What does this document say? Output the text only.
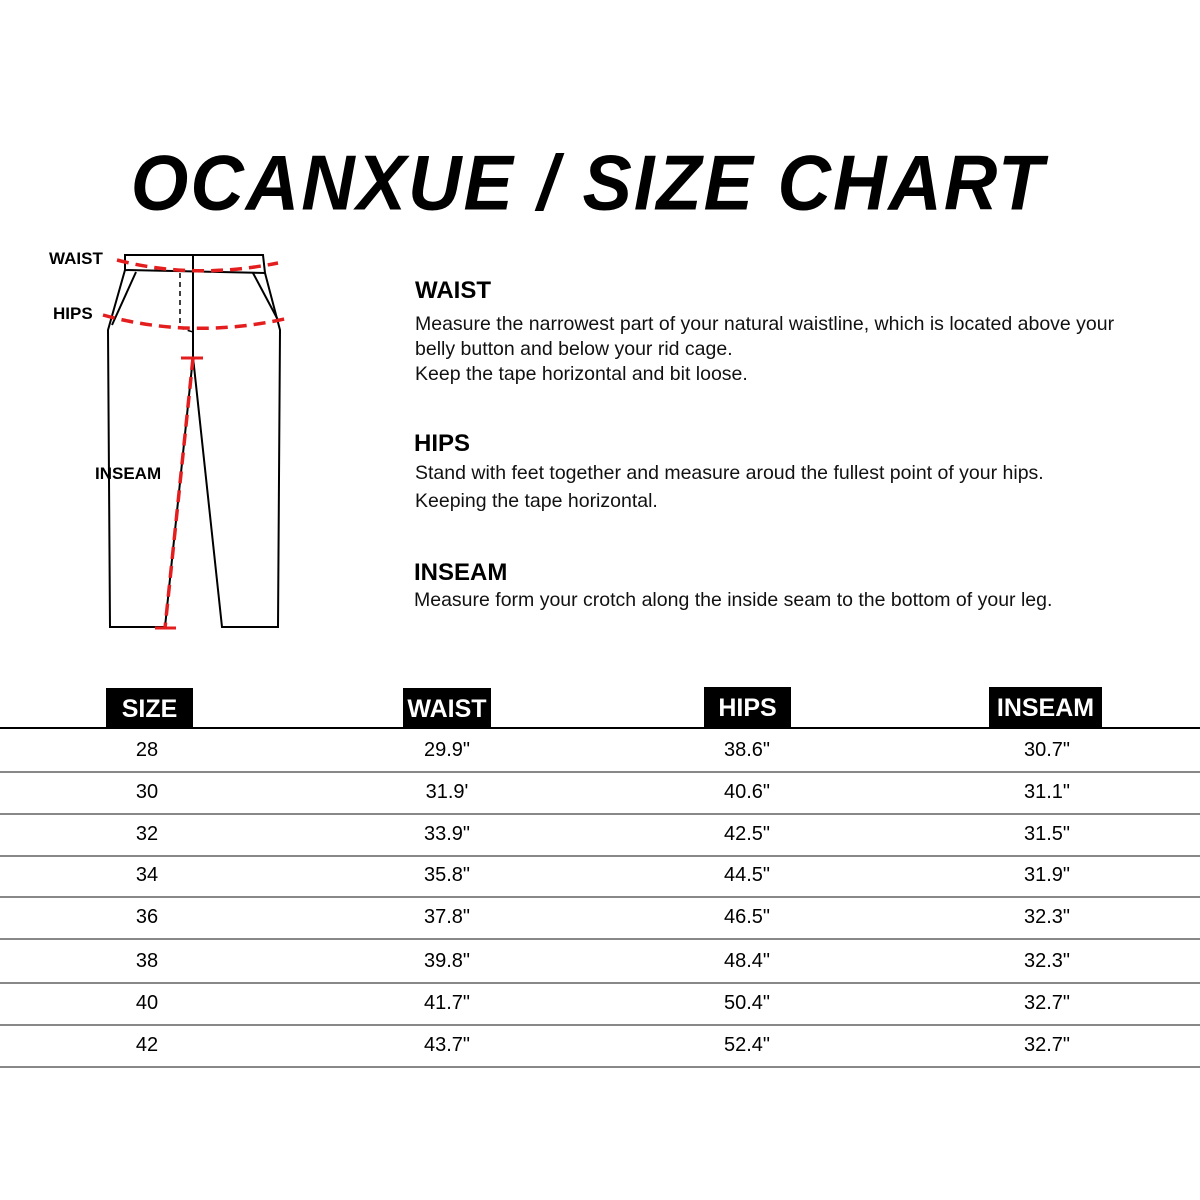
OCANXUE / SIZE CHART
WAIST
HIPS
INSEAM
WAIST

Measure the narrowest part of your natural waistline, which is located above your

belly button and below your rid cage.

Keep the tape horizontal and bit loose.

HIPS

Stand with feet together and measure aroud the fullest point of your hips.

Keeping the tape horizontal.

INSEAM

Measure form your crotch along the inside seam to the bottom of your leg.

SIZE	WAIST	HIPS	INSEAM
28	29.9"	38.6"	30.7"
30	31.9'	40.6"	31.1"
32	33.9"	42.5"	31.5"
34	35.8"	44.5"	31.9"
36	37.8"	46.5"	32.3"
38	39.8"	48.4"	32.3"
40	41.7"	50.4"	32.7"
42	43.7"	52.4"	32.7"
